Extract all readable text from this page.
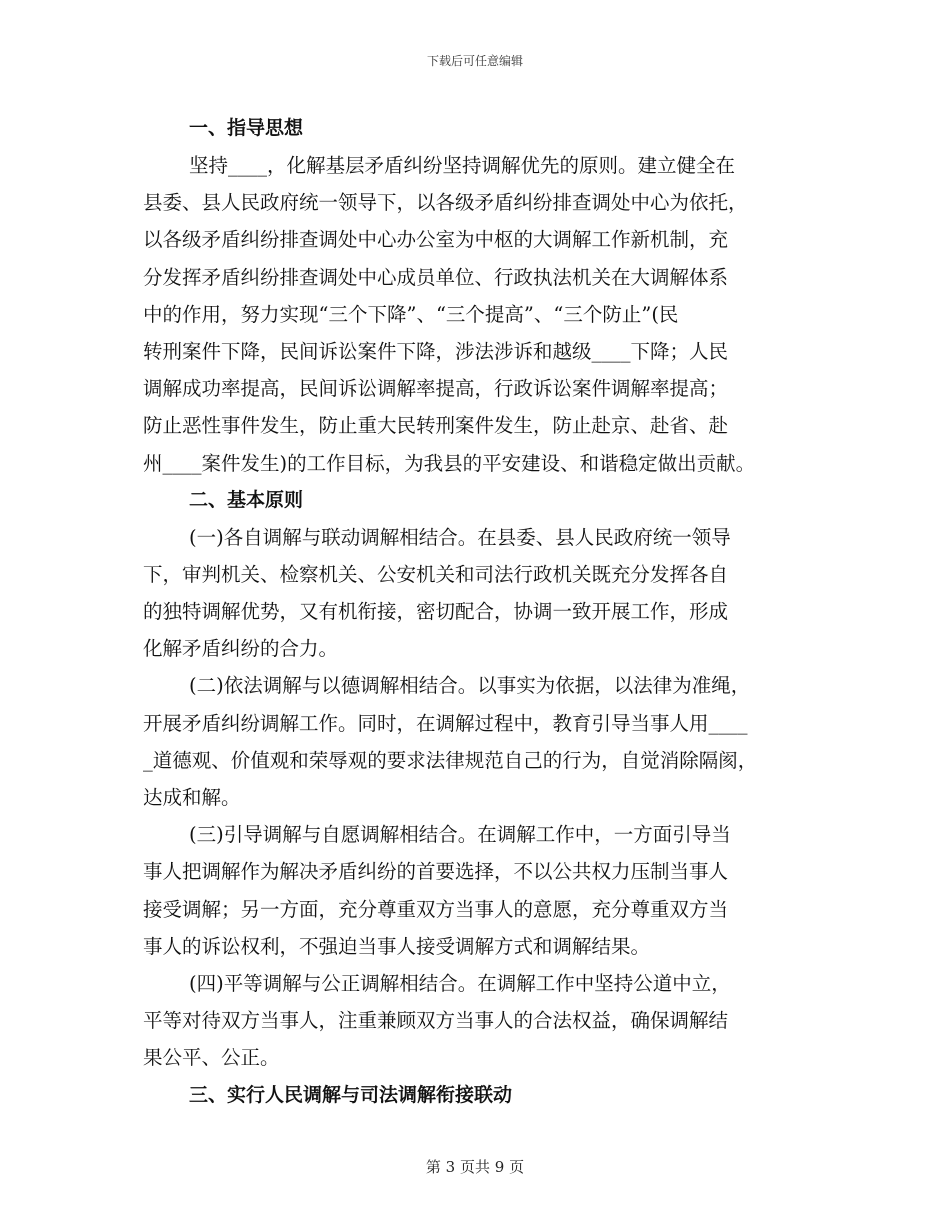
下载后可任意编辑
一、指导思想
坚持____，化解基层矛盾纠纷坚持调解优先的原则。建立健全在
县委、县人民政府统一领导下，以各级矛盾纠纷排查调处中心为依托，
以各级矛盾纠纷排查调处中心办公室为中枢的大调解工作新机制，充
分发挥矛盾纠纷排查调处中心成员单位、行政执法机关在大调解体系
中的作用，努力实现“三个下降”、“三个提高”、“三个防止”(民
转刑案件下降，民间诉讼案件下降，涉法涉诉和越级____下降；人民
调解成功率提高，民间诉讼调解率提高，行政诉讼案件调解率提高；
防止恶性事件发生，防止重大民转刑案件发生，防止赴京、赴省、赴
州____案件发生)的工作目标，为我县的平安建设、和谐稳定做出贡献。
二、基本原则
(一)各自调解与联动调解相结合。在县委、县人民政府统一领导
下，审判机关、检察机关、公安机关和司法行政机关既充分发挥各自
的独特调解优势，又有机衔接，密切配合，协调一致开展工作，形成
化解矛盾纠纷的合力。
(二)依法调解与以德调解相结合。以事实为依据，以法律为准绳，
开展矛盾纠纷调解工作。同时，在调解过程中，教育引导当事人用____
_道德观、价值观和荣辱观的要求法律规范自己的行为，自觉消除隔阂，
达成和解。
(三)引导调解与自愿调解相结合。在调解工作中，一方面引导当
事人把调解作为解决矛盾纠纷的首要选择，不以公共权力压制当事人
接受调解；另一方面，充分尊重双方当事人的意愿，充分尊重双方当
事人的诉讼权利，不强迫当事人接受调解方式和调解结果。
(四)平等调解与公正调解相结合。在调解工作中坚持公道中立，
平等对待双方当事人，注重兼顾双方当事人的合法权益，确保调解结
果公平、公正。
三、实行人民调解与司法调解衔接联动
第 3 页共 9 页
